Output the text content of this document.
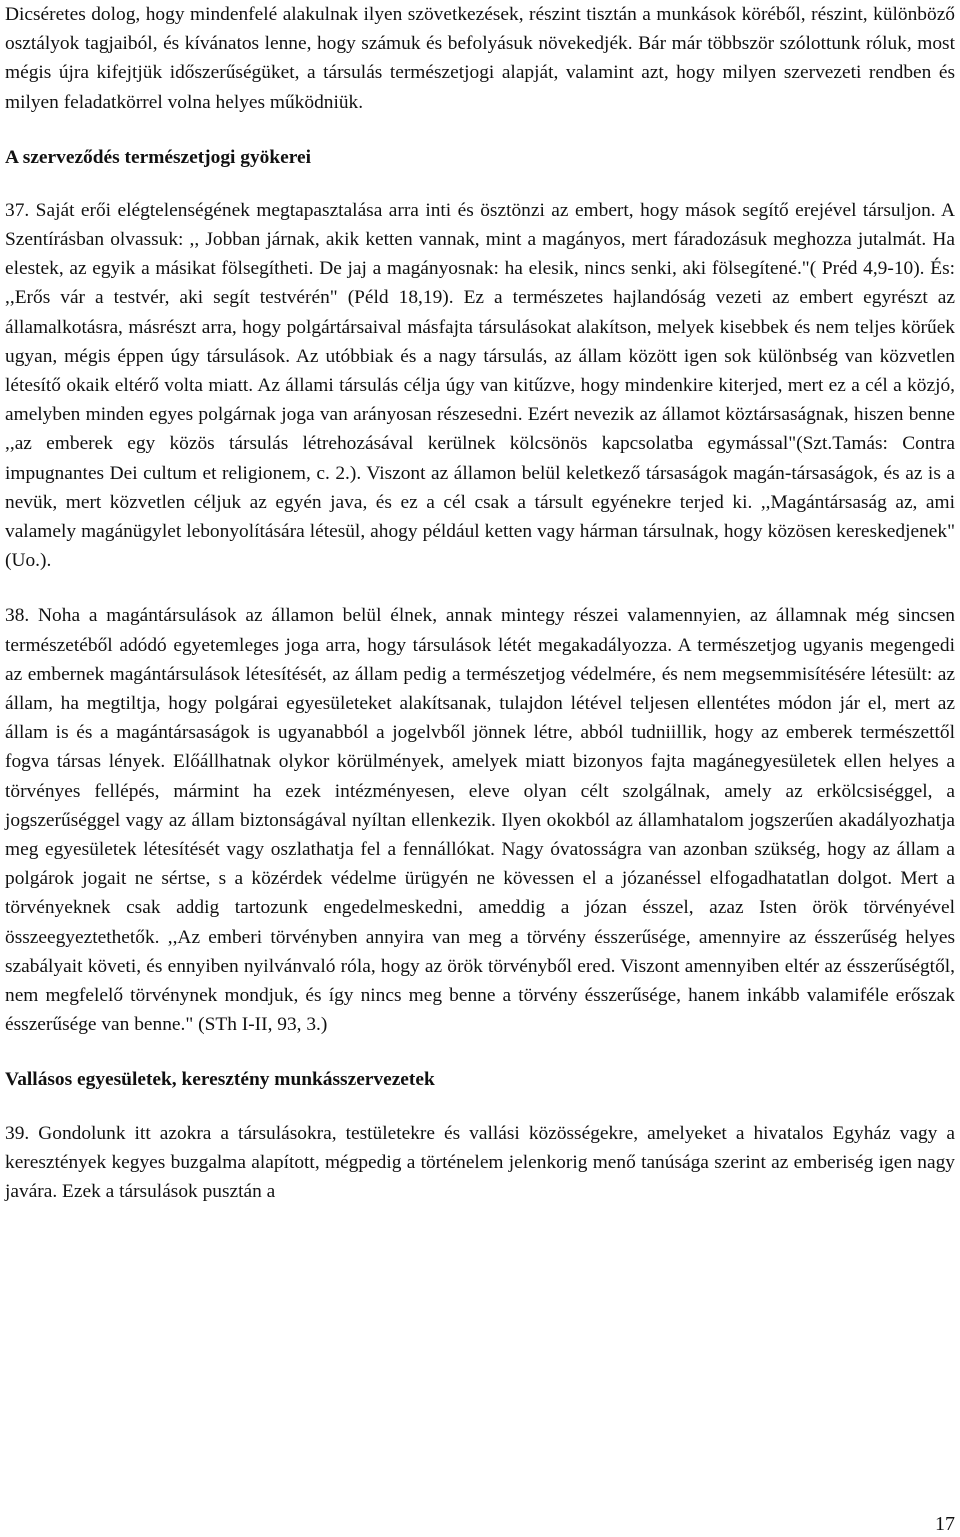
Dicséretes dolog, hogy mindenfelé alakulnak ilyen szövetkezések, részint tisztán a munkások köréből, részint, különböző osztályok tagjaiból, és kívánatos lenne, hogy számuk és befolyásuk növekedjék. Bár már többször szólottunk róluk, most mégis újra kifejtjük időszerűségüket, a társulás természetjogi alapját, valamint azt, hogy milyen szervezeti rendben és milyen feladatkörrel volna helyes működniük.

A szerveződés természetjogi gyökerei

37. Saját erői elégtelenségének megtapasztalása arra inti és ösztönzi az embert, hogy mások segítő erejével társuljon. A Szentírásban olvassuk: ,, Jobban járnak, akik ketten vannak, mint a magányos, mert fáradozásuk meghozza jutalmát. Ha elestek, az egyik a másikat fölsegítheti. De jaj a magányosnak: ha elesik, nincs senki, aki fölsegítené."( Préd 4,9-10). És: ,,Erős vár a testvér, aki segít testvérén" (Péld 18,19). Ez a természetes hajlandóság vezeti az embert egyrészt az államalkotásra, másrészt arra, hogy polgártársaival másfajta társulásokat alakítson, melyek kisebbek és nem teljes körűek ugyan, mégis éppen úgy társulások. Az utóbbiak és a nagy társulás, az állam között igen sok különbség van közvetlen létesítő okaik eltérő volta miatt. Az állami társulás célja úgy van kitűzve, hogy mindenkire kiterjed, mert ez a cél a közjó, amelyben minden egyes polgárnak joga van arányosan részesedni. Ezért nevezik az államot köztársaságnak, hiszen benne ,,az emberek egy közös társulás létrehozásával kerülnek kölcsönös kapcsolatba egymással"(Szt.Tamás: Contra impugnantes Dei cultum et religionem, c. 2.). Viszont az államon belül keletkező társaságok magán-társaságok, és az is a nevük, mert közvetlen céljuk az egyén java, és ez a cél csak a társult egyénekre terjed ki. ,,Magántársaság az, ami valamely magánügylet lebonyolítására létesül, ahogy például ketten vagy hárman társulnak, hogy közösen kereskedjenek" (Uo.).

38. Noha a magántársulások az államon belül élnek, annak mintegy részei valamennyien, az államnak még sincsen természetéből adódó egyetemleges joga arra, hogy társulások létét megakadályozza. A természetjog ugyanis megengedi az embernek magántársulások létesítését, az állam pedig a természetjog védelmére, és nem megsemmisítésére létesült: az állam, ha megtiltja, hogy polgárai egyesületeket alakítsanak, tulajdon létével teljesen ellentétes módon jár el, mert az állam is és a magántársaságok is ugyanabból a jogelvből jönnek létre, abból tudniillik, hogy az emberek természettől fogva társas lények. Előállhatnak olykor körülmények, amelyek miatt bizonyos fajta magánegyesületek ellen helyes a törvényes fellépés, mármint ha ezek intézményesen, eleve olyan célt szolgálnak, amely az erkölcsiséggel, a jogszerűséggel vagy az állam biztonságával nyíltan ellenkezik. Ilyen okokból az államhatalom jogszerűen akadályozhatja meg egyesületek létesítését vagy oszlathatja fel a fennállókat. Nagy óvatosságra van azonban szükség, hogy az állam a polgárok jogait ne sértse, s a közérdek védelme ürügyén ne kövessen el a józanéssel elfogadhatatlan dolgot. Mert a törvényeknek csak addig tartozunk engedelmeskedni, ameddig a józan ésszel, azaz Isten örök törvényével összeegyeztethetők. ,,Az emberi törvényben annyira van meg a törvény ésszerűsége, amennyire az ésszerűség helyes szabályait követi, és ennyiben nyilvánvaló róla, hogy az örök törvényből ered. Viszont amennyiben eltér az ésszerűségtől, nem megfelelő törvénynek mondjuk, és így nincs meg benne a törvény ésszerűsége, hanem inkább valamiféle erőszak ésszerűsége van benne." (STh I-II, 93, 3.)

Vallásos egyesületek, keresztény munkásszervezetek

39. Gondolunk itt azokra a társulásokra, testületekre és vallási közösségekre, amelyeket a hivatalos Egyház vagy a keresztények kegyes buzgalma alapított, mégpedig a történelem jelenkorig menő tanúsága szerint az emberiség igen nagy javára. Ezek a társulások pusztán a

17
